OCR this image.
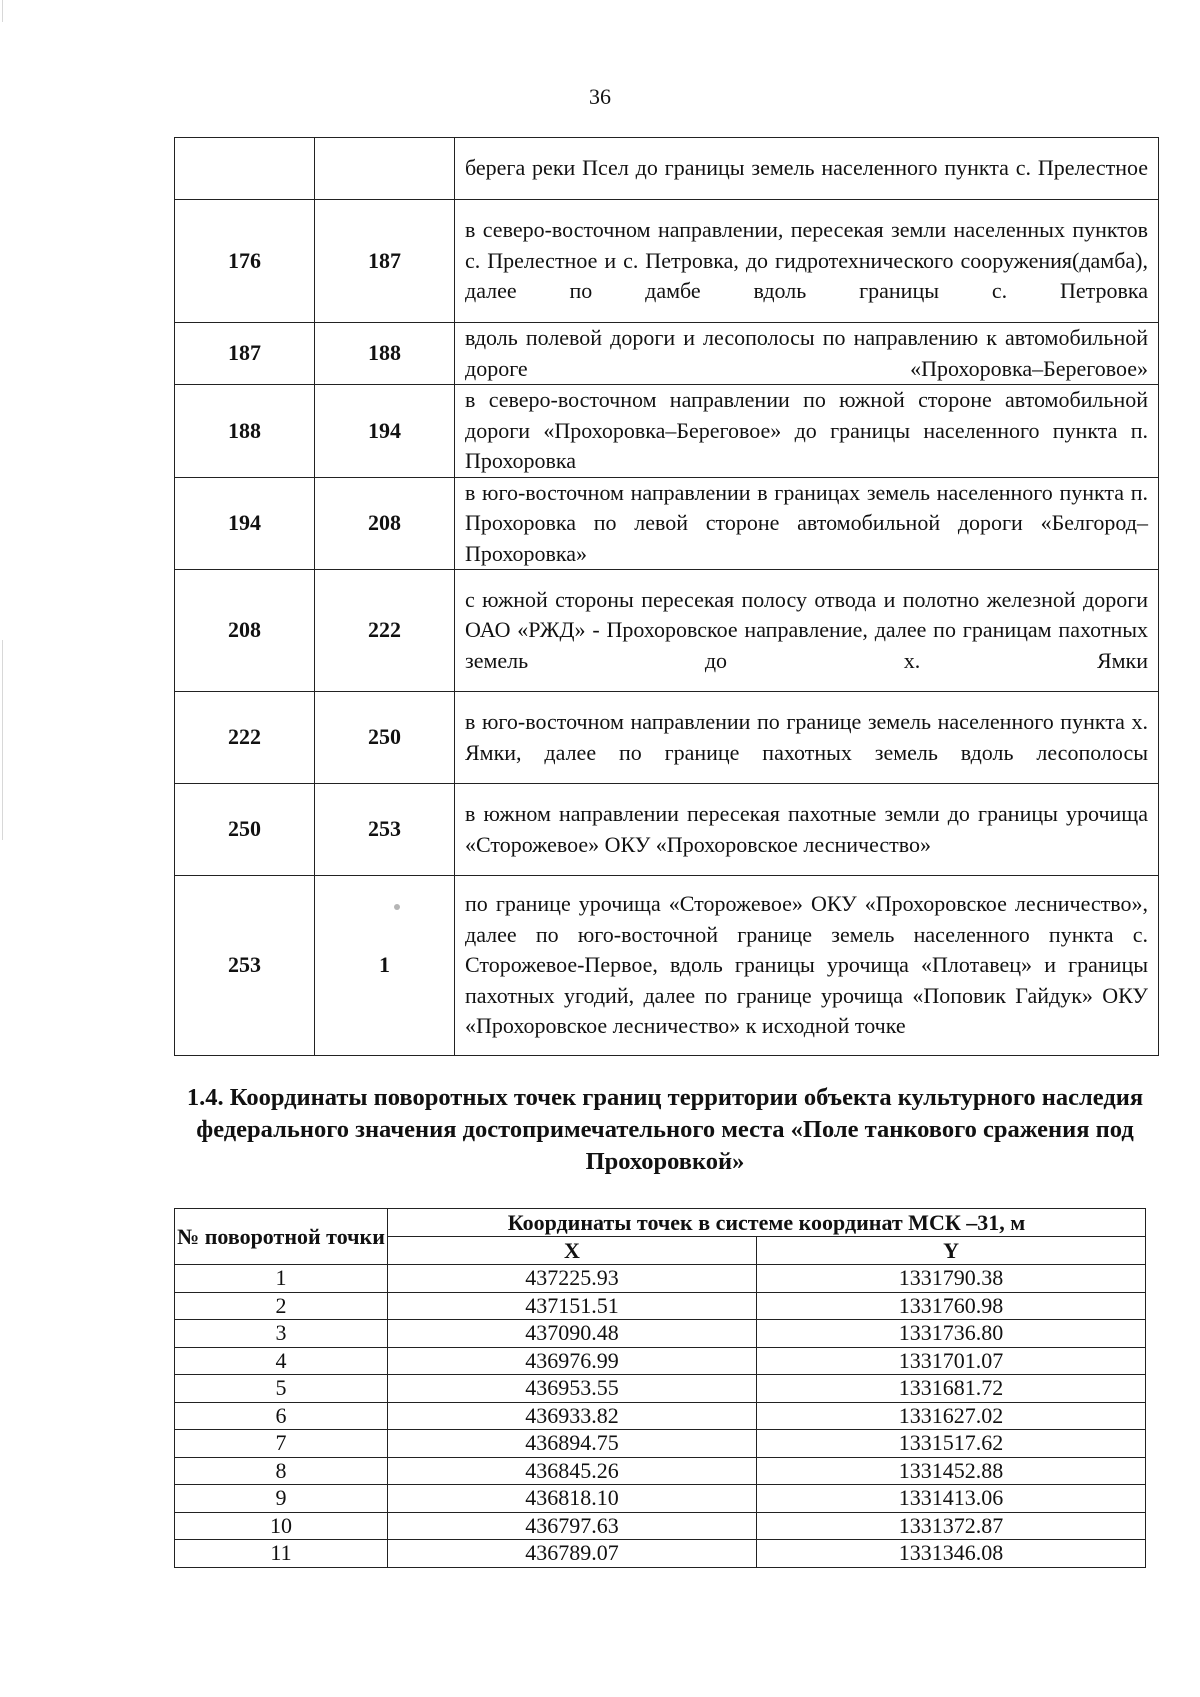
36
		берега реки Псел до границы земель населенного пункта с. Прелестное
176	187	в северо-восточном направлении, пересекая земли населенных пунктов с. Прелестное и с. Петровка, до гидротехнического сооружения(дамба), далее по дамбе вдоль границы с. Петровка
187	188	вдоль полевой дороги и лесополосы по направлению к автомобильной дороге «Прохоровка–Береговое»
188	194	в северо-восточном направлении по южной стороне автомобильной дороги «Прохоровка–Береговое» до границы населенного пункта п. Прохоровка
194	208	в юго-восточном направлении в границах земель населенного пункта п. Прохоровка по левой стороне автомобильной дороги «Белгород–Прохоровка»
208	222	с южной стороны пересекая полосу отвода и полотно железной дороги ОАО «РЖД» - Прохоровское направление, далее по границам пахотных земель до х. Ямки
222	250	в юго-восточном направлении по границе земель населенного пункта х. Ямки, далее по границе пахотных земель вдоль лесополосы
250	253	в южном направлении пересекая пахотные земли до границы урочища «Сторожевое» ОКУ «Прохоровское лесничество»
253	1	по границе урочища «Сторожевое» ОКУ «Прохоровское лесничество», далее по юго-восточной границе земель населенного пункта с. Сторожевое-Первое, вдоль границы урочища «Плотавец» и границы пахотных угодий, далее по границе урочища «Поповик Гайдук» ОКУ «Прохоровское лесничество» к исходной точке
1.4. Координаты поворотных точек границ территории объекта культурного наследия федерального значения достопримечательного места «Поле танкового сражения под Прохоровкой»
№ поворотной точки	Координаты точек в системе координат МСК –31, м	
	X	Y
1	437225.93	1331790.38
2	437151.51	1331760.98
3	437090.48	1331736.80
4	436976.99	1331701.07
5	436953.55	1331681.72
6	436933.82	1331627.02
7	436894.75	1331517.62
8	436845.26	1331452.88
9	436818.10	1331413.06
10	436797.63	1331372.87
11	436789.07	1331346.08
